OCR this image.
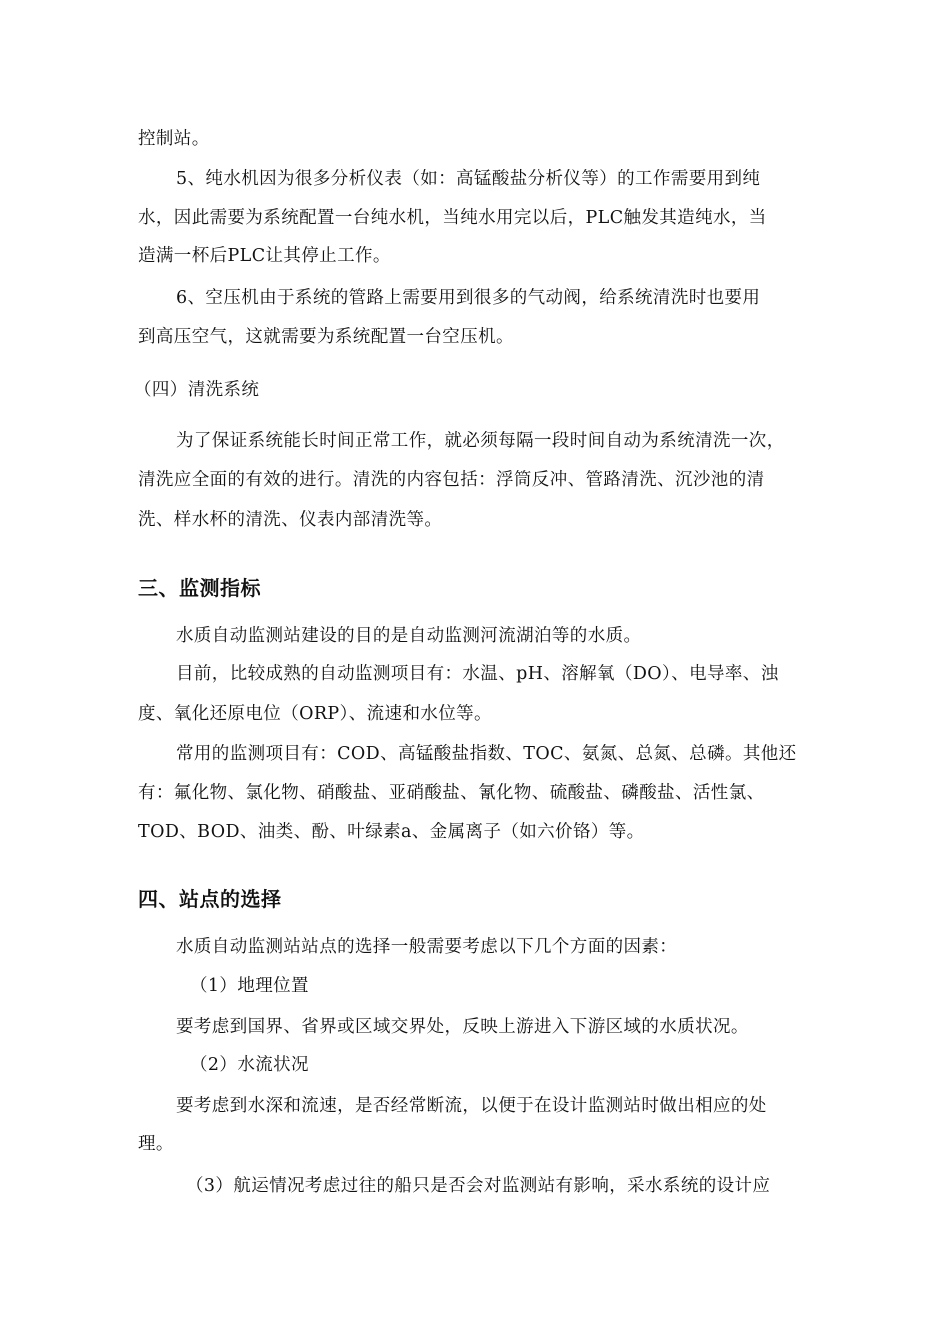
控制站。
5、纯水机因为很多分析仪表（如：高锰酸盐分析仪等）的工作需要用到纯
水，因此需要为系统配置一台纯水机，当纯水用完以后，PLC触发其造纯水，当
造满一杯后PLC让其停止工作。
6、空压机由于系统的管路上需要用到很多的气动阀，给系统清洗时也要用
到高压空气，这就需要为系统配置一台空压机。
（四）清洗系统
为了保证系统能长时间正常工作，就必须每隔一段时间自动为系统清洗一次，
清洗应全面的有效的进行。清洗的内容包括：浮筒反冲、管路清洗、沉沙池的清
洗、样水杯的清洗、仪表内部清洗等。
三、监测指标
水质自动监测站建设的目的是自动监测河流湖泊等的水质。
目前，比较成熟的自动监测项目有：水温、pH、溶解氧（DO）、电导率、浊
度、氧化还原电位（ORP）、流速和水位等。
常用的监测项目有：COD、高锰酸盐指数、TOC、氨氮、总氮、总磷。其他还
有：氟化物、氯化物、硝酸盐、亚硝酸盐、氰化物、硫酸盐、磷酸盐、活性氯、
TOD、BOD、油类、酚、叶绿素a、金属离子（如六价铬）等。
四、站点的选择
水质自动监测站站点的选择一般需要考虑以下几个方面的因素：
（1）地理位置
要考虑到国界、省界或区域交界处，反映上游进入下游区域的水质状况。
（2）水流状况
要考虑到水深和流速，是否经常断流，以便于在设计监测站时做出相应的处
理。
（3）航运情况考虑过往的船只是否会对监测站有影响，采水系统的设计应
